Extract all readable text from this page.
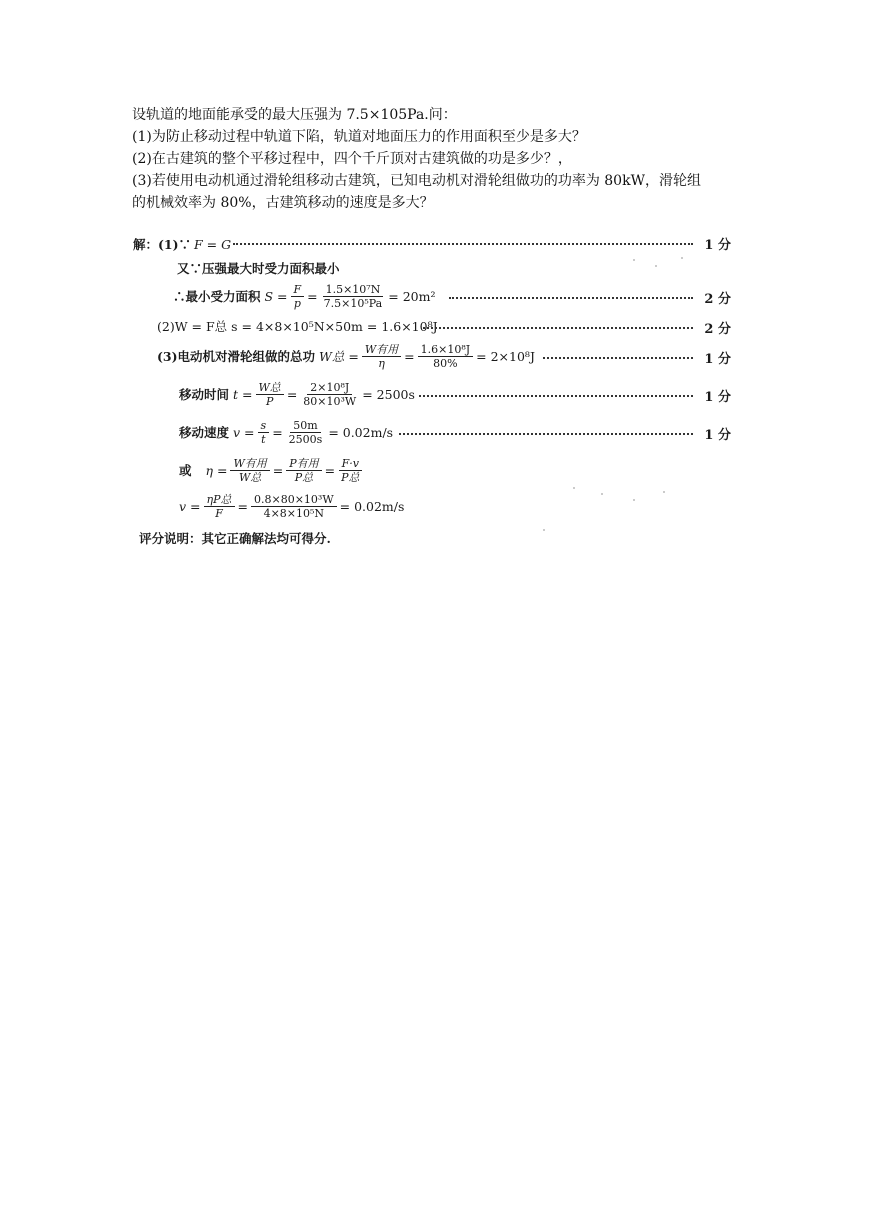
设轨道的地面能承受的最大压强为 7.5×105Pa.问：

(1)为防止移动过程中轨道下陷，轨道对地面压力的作用面积至少是多大？

(2)在古建筑的整个平移过程中，四个千斤顶对古建筑做的功是多少？，

(3)若使用电动机通过滑轮组移动古建筑，已知电动机对滑轮组做功的功率为 80kW，滑轮组

的机械效率为 80%，古建筑移动的速度是多大？

解：(1)∵ F = G	1 分
又∵压强最大时受力面积最小
∴最小受力面积 $S = \frac{F}{p} = \frac{\text{1.5×10⁷N}}{\text{7.5×10⁵Pa}} = 20m^2$	2 分
(2)W = F总 s = 4×8×10⁵N×50m = 1.6×10⁸J	2 分
(3)电动机对滑轮组做的总功 W总 = $\frac{\text{W有用}}{\eta} = \frac{\text{1.6×10⁸J}}{80\%} = 2\times 10^8J$	1 分
移动时间 $t = \frac{\text{W总}}{P} = \frac{\text{2×10⁸J}}{\text{80×10³W}} = 2500s$	1 分
移动速度 $v = \frac{s}{t} = \frac{50m}{2500s} = 0.02m/s$	1 分
或 $\eta = \frac{\text{W有用}}{\text{W总}} = \frac{\text{P有用}}{\text{P总}} = \frac{F\cdot v}{\text{P总}}$
$v = \frac{\text{ηP总}}{F} = \frac{\text{0.8×80×10³W}}{\text{4×8×10⁵N}} = 0.02m/s$
评分说明：其它正确解法均可得分.
